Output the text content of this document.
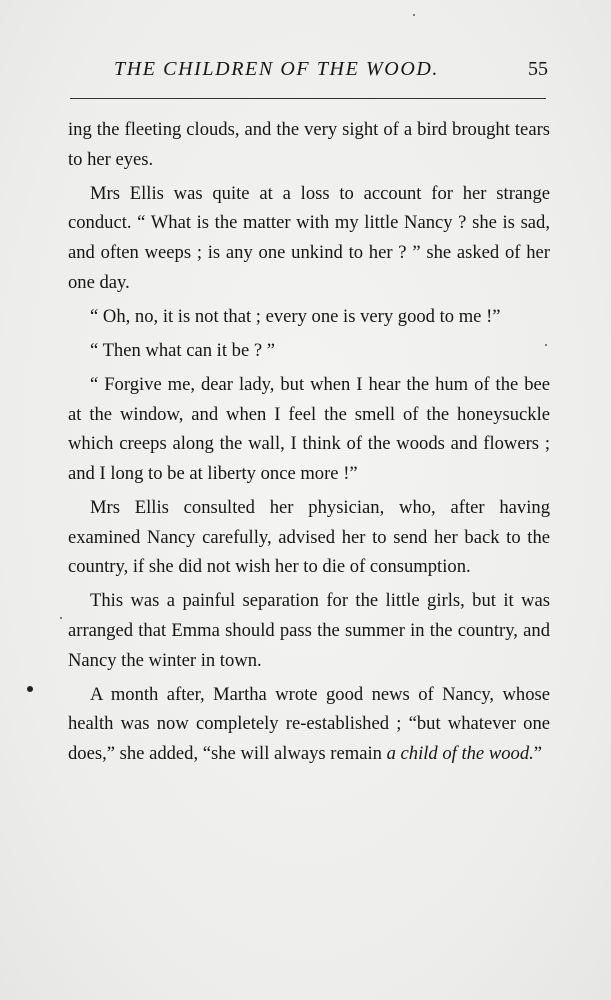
THE CHILDREN OF THE WOOD.	55

ing the fleeting clouds, and the very sight of a bird brought tears to her eyes.

Mrs Ellis was quite at a loss to account for her strange conduct. “ What is the matter with my little Nancy ? she is sad, and often weeps ; is any one unkind to her ? ” she asked of her one day.

“ Oh, no, it is not that ; every one is very good to me !”

“ Then what can it be ? ”

“ Forgive me, dear lady, but when I hear the hum of the bee at the window, and when I feel the smell of the honeysuckle which creeps along the wall, I think of the woods and flowers ; and I long to be at liberty once more !”

Mrs Ellis consulted her physician, who, after having examined Nancy carefully, advised her to send her back to the country, if she did not wish her to die of consumption.

This was a painful separation for the little girls, but it was arranged that Emma should pass the summer in the country, and Nancy the winter in town.

A month after, Martha wrote good news of Nancy, whose health was now completely re-established ; “but whatever one does,” she added, “she will always remain a child of the wood.”
